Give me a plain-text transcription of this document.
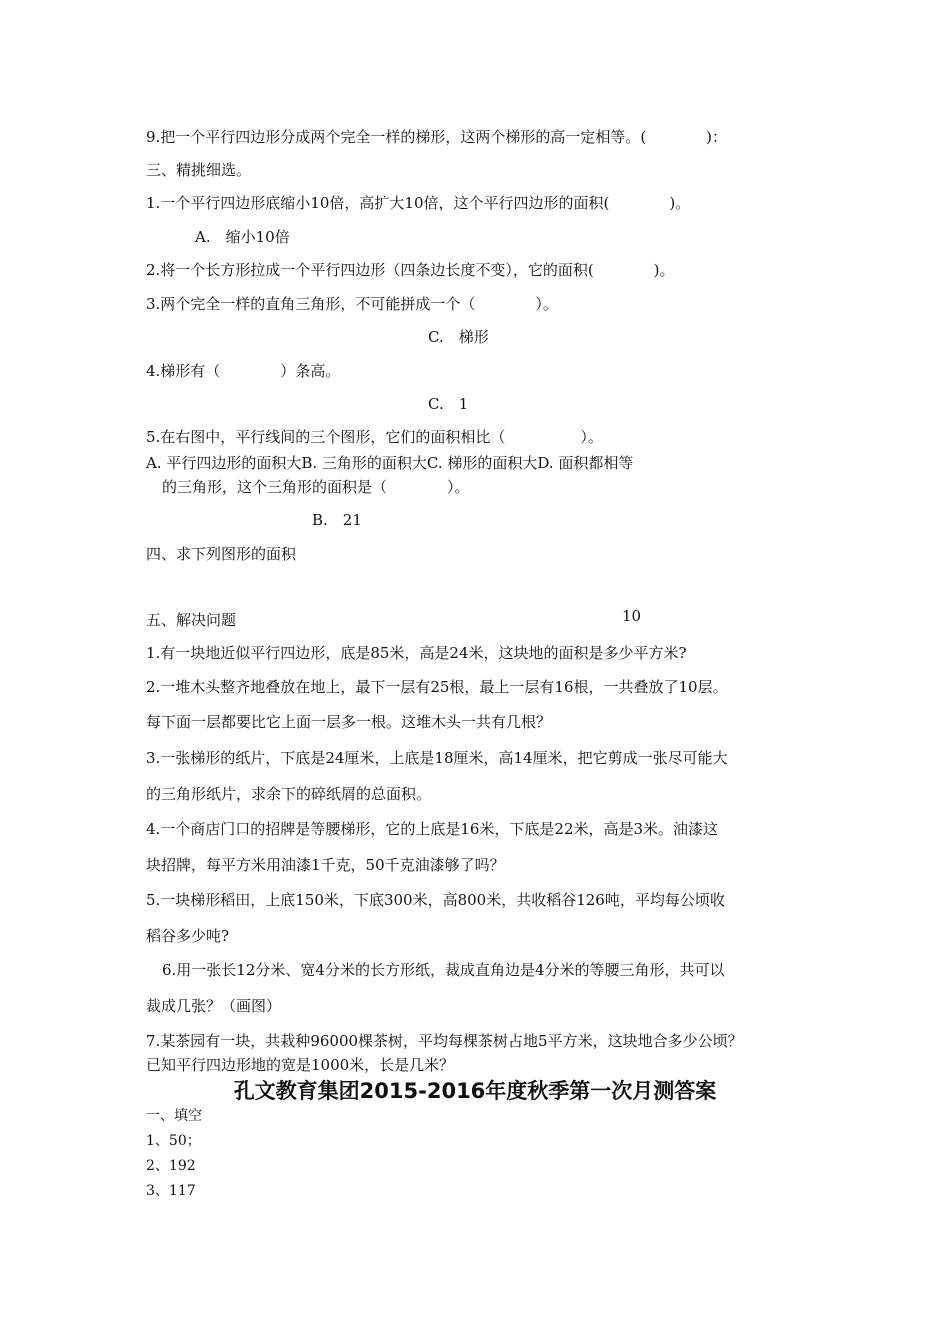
9.把一个平行四边形分成两个完全一样的梯形，这两个梯形的高一定相等。(　　　　)：
三、精挑细选。
1.一个平行四边形底缩小10倍，高扩大10倍，这个平行四边形的面积(　　　　)。
A.　缩小10倍
2.将一个长方形拉成一个平行四边形（四条边长度不变），它的面积(　　　　)。
3.两个完全一样的直角三角形，不可能拼成一个（　　　　）。
C.　梯形
4.梯形有（　　　　）条高。
C.　1
5.在右图中，平行线间的三个图形，它们的面积相比（　　　　　）。
A. 平行四边形的面积大B. 三角形的面积大C. 梯形的面积大D. 面积都相等
的三角形，这个三角形的面积是（　　　　）。
B.　21
四、求下列图形的面积
五、解决问题	10
1.有一块地近似平行四边形，底是85米，高是24米，这块地的面积是多少平方米?
2.一堆木头整齐地叠放在地上，最下一层有25根，最上一层有16根，一共叠放了10层。
每下面一层都要比它上面一层多一根。这堆木头一共有几根？
3.一张梯形的纸片，下底是24厘米，上底是18厘米，高14厘米，把它剪成一张尽可能大
的三角形纸片，求余下的碎纸屑的总面积。
4.一个商店门口的招牌是等腰梯形，它的上底是16米，下底是22米，高是3米。油漆这
块招牌，每平方米用油漆1千克，50千克油漆够了吗？
5.一块梯形稻田，上底150米，下底300米，高800米，共收稻谷126吨，平均每公顷收
稻谷多少吨?
6.用一张长12分米、宽4分米的长方形纸，裁成直角边是4分米的等腰三角形，共可以
裁成几张？（画图）
7.某茶园有一块，共栽种96000棵茶树，平均每棵茶树占地5平方米，这块地合多少公顷？
已知平行四边形地的宽是1000米，长是几米？
孔文教育集团2015-2016年度秋季第一次月测答案
一、填空
1、50；
2、192
3、117
